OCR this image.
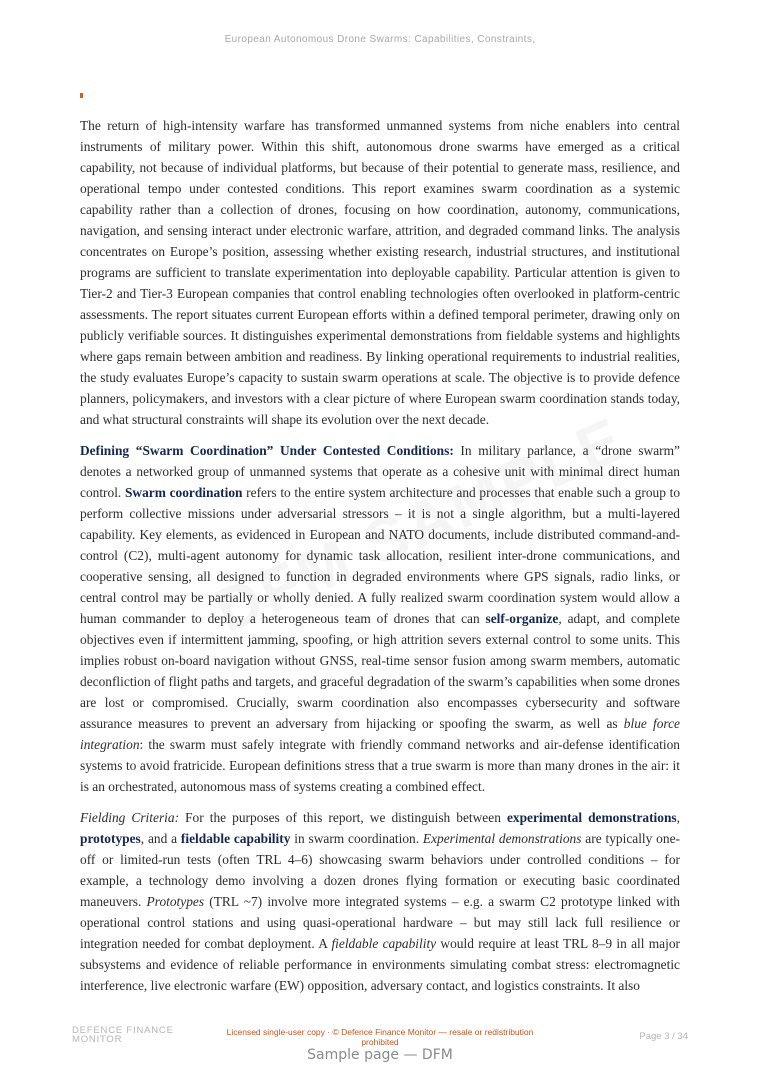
European Autonomous Drone Swarms: Capabilities, Constraints,

The return of high-intensity warfare has transformed unmanned systems from niche enablers into central instruments of military power. Within this shift, autonomous drone swarms have emerged as a critical capability, not because of individual platforms, but because of their potential to generate mass, resilience, and operational tempo under contested conditions. This report examines swarm coordination as a systemic capability rather than a collection of drones, focusing on how coordination, autonomy, communications, navigation, and sensing interact under electronic warfare, attrition, and degraded command links. The analysis concentrates on Europe’s position, assessing whether existing research, industrial structures, and institutional programs are sufficient to translate experimentation into deployable capability. Particular attention is given to Tier-2 and Tier-3 European companies that control enabling technologies often overlooked in platform-centric assessments. The report situates current European efforts within a defined temporal perimeter, drawing only on publicly verifiable sources. It distinguishes experimental demonstrations from fieldable systems and highlights where gaps remain between ambition and readiness. By linking operational requirements to industrial realities, the study evaluates Europe’s capacity to sustain swarm operations at scale. The objective is to provide defence planners, policymakers, and investors with a clear picture of where European swarm coordination stands today, and what structural constraints will shape its evolution over the next decade.

Defining “Swarm Coordination” Under Contested Conditions: In military parlance, a “drone swarm” denotes a networked group of unmanned systems that operate as a cohesive unit with minimal direct human control. Swarm coordination refers to the entire system architecture and processes that enable such a group to perform collective missions under adversarial stressors – it is not a single algorithm, but a multi-layered capability. Key elements, as evidenced in European and NATO documents, include distributed command-and-control (C2), multi-agent autonomy for dynamic task allocation, resilient inter-drone communications, and cooperative sensing, all designed to function in degraded environments where GPS signals, radio links, or central control may be partially or wholly denied. A fully realized swarm coordination system would allow a human commander to deploy a heterogeneous team of drones that can self-organize, adapt, and complete objectives even if intermittent jamming, spoofing, or high attrition severs external control to some units. This implies robust on-board navigation without GNSS, real-time sensor fusion among swarm members, automatic deconfliction of flight paths and targets, and graceful degradation of the swarm’s capabilities when some drones are lost or compromised. Crucially, swarm coordination also encompasses cybersecurity and software assurance measures to prevent an adversary from hijacking or spoofing the swarm, as well as blue force integration: the swarm must safely integrate with friendly command networks and air-defense identification systems to avoid fratricide. European definitions stress that a true swarm is more than many drones in the air: it is an orchestrated, autonomous mass of systems creating a combined effect.

Fielding Criteria: For the purposes of this report, we distinguish between experimental demonstrations, prototypes, and a fieldable capability in swarm coordination. Experimental demonstrations are typically one-off or limited-run tests (often TRL 4–6) showcasing swarm behaviors under controlled conditions – for example, a technology demo involving a dozen drones flying formation or executing basic coordinated maneuvers. Prototypes (TRL ~7) involve more integrated systems – e.g. a swarm C2 prototype linked with operational control stations and using quasi-operational hardware – but may still lack full resilience or integration needed for combat deployment. A fieldable capability would require at least TRL 8–9 in all major subsystems and evidence of reliable performance in environments simulating combat stress: electromagnetic interference, live electronic warfare (EW) opposition, adversary contact, and logistics constraints. It also

DEFENCE FINANCE
MONITOR
Licensed single-user copy · © Defence Finance Monitor — resale or redistribution prohibited	Page 3 / 34
Sample page — DFM
